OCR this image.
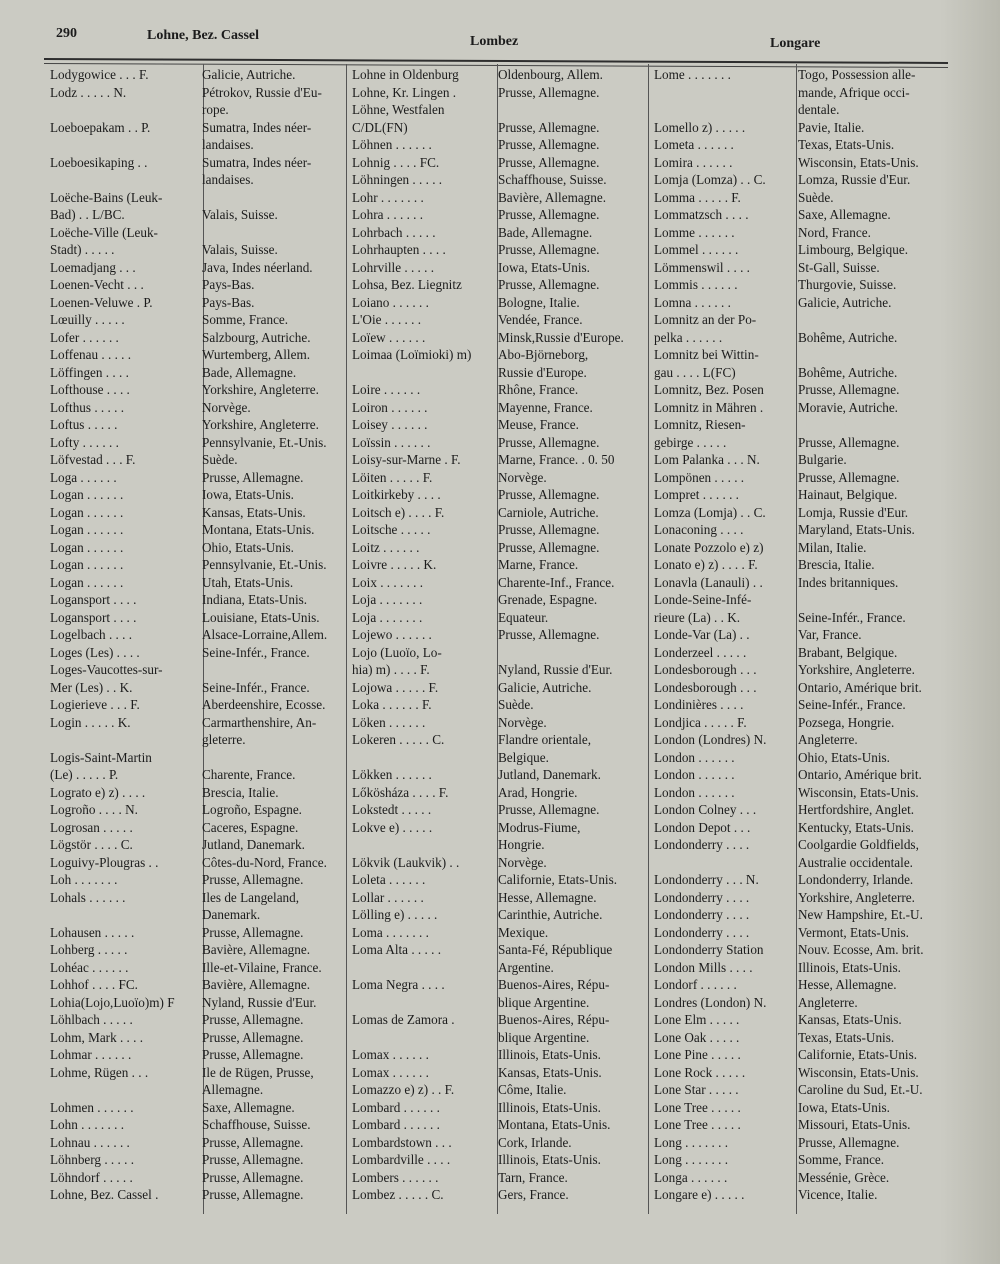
290	Lohne, Bez. Cassel	Lombez	Longare
Lodygowice . . . F.	Galicie, Autriche.
Lodz . . . . . N.	Pétrokov, Russie d'Eu-
rope.
Loeboepakam . . P.	Sumatra, Indes néer-
landaises.
Loeboesikaping . .	Sumatra, Indes néer-
landaises.
Loëche-Bains (Leuk-
Bad) . . L/BC.	Valais, Suisse.
Loëche-Ville (Leuk-
Stadt) . . . . .	Valais, Suisse.
Loemadjang . . .	Java, Indes néerland.
Loenen-Vecht . . .	Pays-Bas.
Loenen-Veluwe . P.	Pays-Bas.
Lœuilly . . . . .	Somme, France.
Lofer . . . . . .	Salzbourg, Autriche.
Loffenau . . . . .	Wurtemberg, Allem.
Löffingen . . . .	Bade, Allemagne.
Lofthouse . . . .	Yorkshire, Angleterre.
Lofthus . . . . .	Norvège.
Loftus . . . . .	Yorkshire, Angleterre.
Lofty . . . . . .	Pennsylvanie, Et.-Unis.
Löfvestad . . . F.	Suède.
Loga . . . . . .	Prusse, Allemagne.
Logan . . . . . .	Iowa, Etats-Unis.
Logan . . . . . .	Kansas, Etats-Unis.
Logan . . . . . .	Montana, Etats-Unis.
Logan . . . . . .	Ohio, Etats-Unis.
Logan . . . . . .	Pennsylvanie, Et.-Unis.
Logan . . . . . .	Utah, Etats-Unis.
Logansport . . . .	Indiana, Etats-Unis.
Logansport . . . .	Louisiane, Etats-Unis.
Logelbach . . . .	Alsace-Lorraine,Allem.
Loges (Les) . . . .	Seine-Infér., France.
Loges-Vaucottes-sur-
Mer (Les) . . K.	Seine-Infér., France.
Logierieve . . . F.	Aberdeenshire, Ecosse.
Login . . . . . K.	Carmarthenshire, An-
gleterre.
Logis-Saint-Martin
(Le) . . . . . P.	Charente, France.
Lograto e) z) . . . .	Brescia, Italie.
Logroño . . . . N.	Logroño, Espagne.
Logrosan . . . . .	Caceres, Espagne.
Lögstör . . . . C.	Jutland, Danemark.
Loguivy-Plougras . .	Côtes-du-Nord, France.
Loh . . . . . . .	Prusse, Allemagne.
Lohals . . . . . .	Iles de Langeland,
Danemark.
Lohausen . . . . .	Prusse, Allemagne.
Lohberg . . . . .	Bavière, Allemagne.
Lohéac . . . . . .	Ille-et-Vilaine, France.
Lohhof . . . . FC.	Bavière, Allemagne.
Lohia(Lojo,Luoïo)m) F	Nyland, Russie d'Eur.
Löhlbach . . . . .	Prusse, Allemagne.
Lohm, Mark . . . .	Prusse, Allemagne.
Lohmar . . . . . .	Prusse, Allemagne.
Lohme, Rügen . . .	Ile de Rügen, Prusse,
Allemagne.
Lohmen . . . . . .	Saxe, Allemagne.
Lohn . . . . . . .	Schaffhouse, Suisse.
Lohnau . . . . . .	Prusse, Allemagne.
Löhnberg . . . . .	Prusse, Allemagne.
Löhndorf . . . . .	Prusse, Allemagne.
Lohne, Bez. Cassel .	Prusse, Allemagne.
Lohne in Oldenburg	Oldenbourg, Allem.
Lohne, Kr. Lingen .	Prusse, Allemagne.
Löhne, Westfalen
C/DL(FN)	Prusse, Allemagne.
Löhnen . . . . . .	Prusse, Allemagne.
Lohnig . . . . FC.	Prusse, Allemagne.
Löhningen . . . . .	Schaffhouse, Suisse.
Lohr . . . . . . .	Bavière, Allemagne.
Lohra . . . . . .	Prusse, Allemagne.
Lohrbach . . . . .	Bade, Allemagne.
Lohrhaupten . . . .	Prusse, Allemagne.
Lohrville . . . . .	Iowa, Etats-Unis.
Lohsa, Bez. Liegnitz	Prusse, Allemagne.
Loiano . . . . . .	Bologne, Italie.
L'Oie . . . . . .	Vendée, France.
Loïew . . . . . .	Minsk,Russie d'Europe.
Loimaa (Loïmioki) m)	Abo-Björneborg,
Russie d'Europe.
Loire . . . . . .	Rhône, France.
Loiron . . . . . .	Mayenne, France.
Loisey . . . . . .	Meuse, France.
Loïssin . . . . . .	Prusse, Allemagne.
Loisy-sur-Marne . F.	Marne, France. . 0. 50
Löiten . . . . . F.	Norvège.
Loitkirkeby . . . .	Prusse, Allemagne.
Loitsch e) . . . . F.	Carniole, Autriche.
Loitsche . . . . .	Prusse, Allemagne.
Loitz . . . . . .	Prusse, Allemagne.
Loivre . . . . . K.	Marne, France.
Loix . . . . . . .	Charente-Inf., France.
Loja . . . . . . .	Grenade, Espagne.
Loja . . . . . . .	Equateur.
Lojewo . . . . . .	Prusse, Allemagne.
Lojo (Luoïo, Lo-
hia) m) . . . . F.	Nyland, Russie d'Eur.
Lojowa . . . . . F.	Galicie, Autriche.
Loka . . . . . . F.	Suède.
Löken . . . . . .	Norvège.
Lokeren . . . . . C.	Flandre orientale,
Belgique.
Lökken . . . . . .	Jutland, Danemark.
Lőkösháza . . . . F.	Arad, Hongrie.
Lokstedt . . . . .	Prusse, Allemagne.
Lokve e) . . . . .	Modrus-Fiume,
Hongrie.
Lökvik (Laukvik) . .	Norvège.
Loleta . . . . . .	Californie, Etats-Unis.
Lollar . . . . . .	Hesse, Allemagne.
Lölling e) . . . . .	Carinthie, Autriche.
Loma . . . . . . .	Mexique.
Loma Alta . . . . .	Santa-Fé, République
Argentine.
Loma Negra . . . .	Buenos-Aires, Répu-
blique Argentine.
Lomas de Zamora .	Buenos-Aires, Répu-
blique Argentine.
Lomax . . . . . .	Illinois, Etats-Unis.
Lomax . . . . . .	Kansas, Etats-Unis.
Lomazzo e) z) . . F.	Côme, Italie.
Lombard . . . . . .	Illinois, Etats-Unis.
Lombard . . . . . .	Montana, Etats-Unis.
Lombardstown . . .	Cork, Irlande.
Lombardville . . . .	Illinois, Etats-Unis.
Lombers . . . . . .	Tarn, France.
Lombez . . . . . C.	Gers, France.
Lome . . . . . . .	Togo, Possession alle-
mande, Afrique occi-
dentale.
Lomello z) . . . . .	Pavie, Italie.
Lometa . . . . . .	Texas, Etats-Unis.
Lomira . . . . . .	Wisconsin, Etats-Unis.
Lomja (Lomza) . . C.	Lomza, Russie d'Eur.
Lomma . . . . . F.	Suède.
Lommatzsch . . . .	Saxe, Allemagne.
Lomme . . . . . .	Nord, France.
Lommel . . . . . .	Limbourg, Belgique.
Lömmenswil . . . .	St-Gall, Suisse.
Lommis . . . . . .	Thurgovie, Suisse.
Lomna . . . . . .	Galicie, Autriche.
Lomnitz an der Po-
pelka . . . . . .	Bohême, Autriche.
Lomnitz bei Wittin-
gau . . . . L(FC)	Bohême, Autriche.
Lomnitz, Bez. Posen	Prusse, Allemagne.
Lomnitz in Mähren .	Moravie, Autriche.
Lomnitz, Riesen-
gebirge . . . . .	Prusse, Allemagne.
Lom Palanka . . . N.	Bulgarie.
Lompönen . . . . .	Prusse, Allemagne.
Lompret . . . . . .	Hainaut, Belgique.
Lomza (Lomja) . . C.	Lomja, Russie d'Eur.
Lonaconing . . . .	Maryland, Etats-Unis.
Lonate Pozzolo e) z)	Milan, Italie.
Lonato e) z) . . . . F.	Brescia, Italie.
Lonavla (Lanauli) . .	Indes britanniques.
Londe-Seine-Infé-
rieure (La) . . K.	Seine-Infér., France.
Londe-Var (La) . .	Var, France.
Londerzeel . . . . .	Brabant, Belgique.
Londesborough . . .	Yorkshire, Angleterre.
Londesborough . . .	Ontario, Amérique brit.
Londinières . . . .	Seine-Infér., France.
Londjica . . . . . F.	Pozsega, Hongrie.
London (Londres) N.	Angleterre.
London . . . . . .	Ohio, Etats-Unis.
London . . . . . .	Ontario, Amérique brit.
London . . . . . .	Wisconsin, Etats-Unis.
London Colney . . .	Hertfordshire, Anglet.
London Depot . . .	Kentucky, Etats-Unis.
Londonderry . . . .	Coolgardie Goldfields,
Australie occidentale.
Londonderry . . . N.	Londonderry, Irlande.
Londonderry . . . .	Yorkshire, Angleterre.
Londonderry . . . .	New Hampshire, Et.-U.
Londonderry . . . .	Vermont, Etats-Unis.
Londonderry Station	Nouv. Ecosse, Am. brit.
London Mills . . . .	Illinois, Etats-Unis.
Londorf . . . . . .	Hesse, Allemagne.
Londres (London) N.	Angleterre.
Lone Elm . . . . .	Kansas, Etats-Unis.
Lone Oak . . . . .	Texas, Etats-Unis.
Lone Pine . . . . .	Californie, Etats-Unis.
Lone Rock . . . . .	Wisconsin, Etats-Unis.
Lone Star . . . . .	Caroline du Sud, Et.-U.
Lone Tree . . . . .	Iowa, Etats-Unis.
Lone Tree . . . . .	Missouri, Etats-Unis.
Long . . . . . . .	Prusse, Allemagne.
Long . . . . . . .	Somme, France.
Longa . . . . . .	Messénie, Grèce.
Longare e) . . . . .	Vicence, Italie.
